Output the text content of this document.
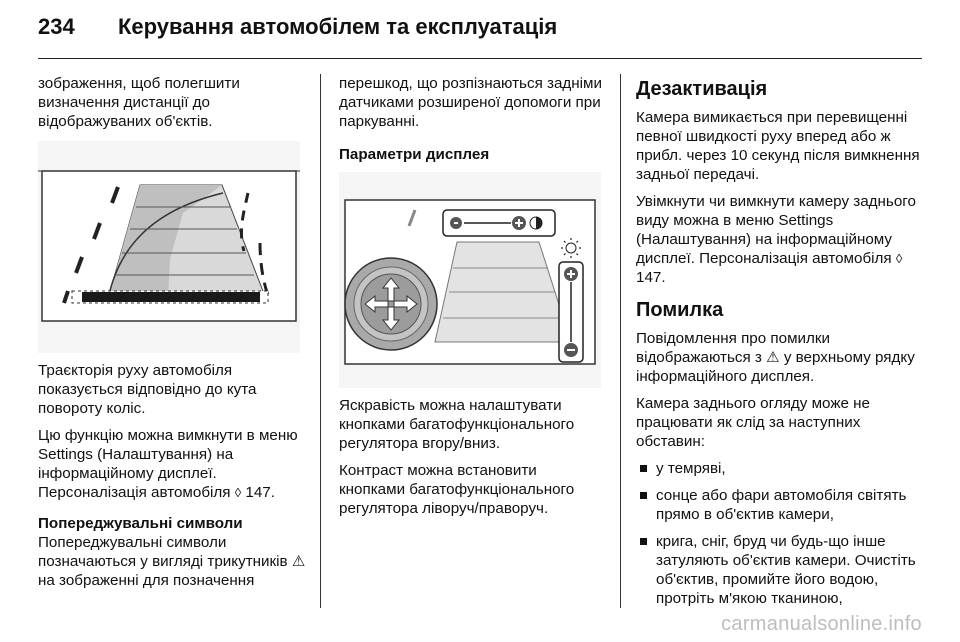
234	Керування автомобілем та експлуатація

зображення, щоб полегшити визначення дистанції до відображуваних об'єктів.

Траєкторія руху автомобіля показується відповідно до кута повороту коліс.

Цю функцію можна вимкнути в меню Settings (Налаштування) на інформаційному дисплеї. Персоналізація автомобіля ◊ 147.

Попереджувальні символи

Попереджувальні символи позначаються у вигляді трикутників ⚠ на зображенні для позначення

перешкод, що розпізнаються задніми датчиками розширеної допомоги при паркуванні.

Параметри дисплея

Яскравість можна налаштувати кнопками багатофункціонального регулятора вгору/вниз.

Контраст можна встановити кнопками багатофункціонального регулятора ліворуч/праворуч.

Дезактивація

Камера вимикається при перевищенні певної швидкості руху вперед або ж прибл. через 10 секунд після вимкнення задньої передачі.

Увімкнути чи вимкнути камеру заднього виду можна в меню Settings (Налаштування) на інформаційному дисплеї. Персоналізація автомобіля ◊ 147.

Помилка

Повідомлення про помилки відображаються з ⚠ у верхньому рядку інформаційного дисплея.

Камера заднього огляду може не працювати як слід за наступних обставин:

у темряві,
сонце або фари автомобіля світять прямо в об'єктив камери,
крига, сніг, бруд чи будь-що інше затуляють об'єктив камери. Очистіть об'єктив, промийте його водою, протріть м'якою тканиною,
carmanualsonline.info
